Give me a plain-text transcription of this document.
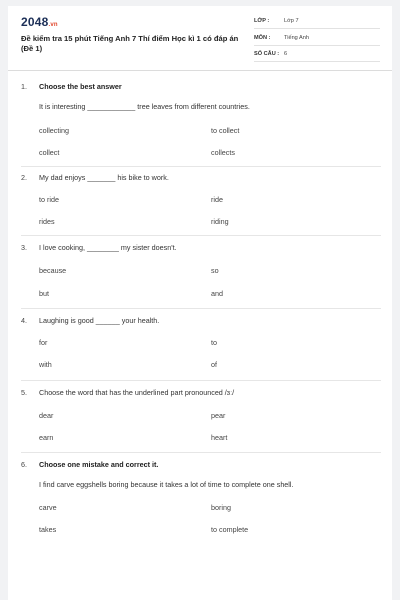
2048.vn
Đề kiểm tra 15 phút Tiếng Anh 7 Thí điểm Học kì 1 có đáp án (Đề 1)
LỚP :	Lớp 7
MÔN : Tiếng Anh
SỐ CÂU : 6
1. Choose the best answer
It is interesting ____________ tree leaves from different countries.
collecting	to collect
collect	collects
2. My dad enjoys _______ his bike to work.
to ride	ride
rides	riding
3. I love cooking, ________ my sister doesn't.
because	so
but	and
4. Laughing is good ______ your health.
for	to
with	of
5. Choose the word that has the underlined part pronounced /ɜː/
dear	pear
earn	heart
6. Choose one mistake and correct it.
I find carve eggshells boring because it takes a lot of time to complete one shell.
carve	boring
takes	to complete
